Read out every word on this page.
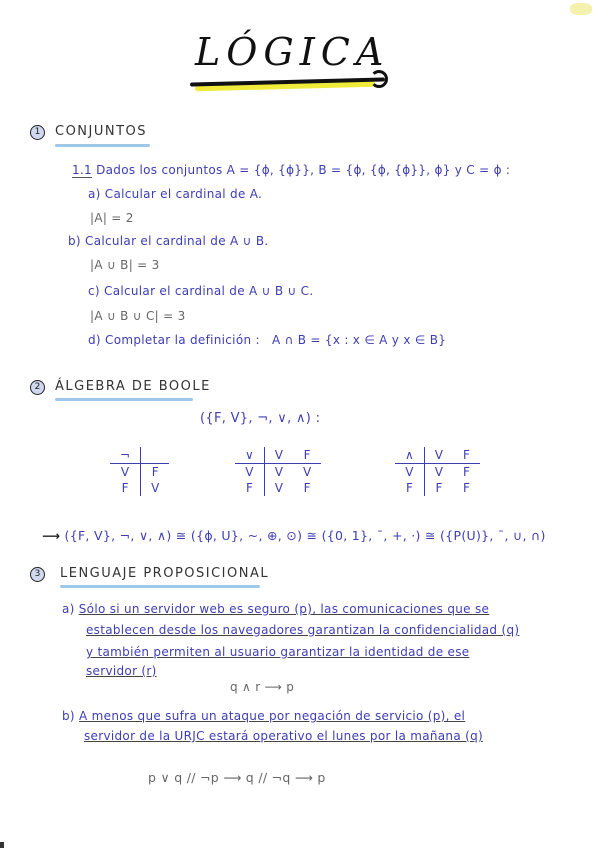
LÓGICA
1	CONJUNTOS
1.1 Dados los conjuntos A = {ϕ, {ϕ}}, B = {ϕ, {ϕ, {ϕ}}, ϕ} y C = ϕ :
a) Calcular el cardinal de A.
|A| = 2
b) Calcular el cardinal de A ∪ B.
|A ∪ B| = 3
c) Calcular el cardinal de A ∪ B ∪ C.
|A ∪ B ∪ C| = 3
d) Completar la definición : A ∩ B = {x : x ∈ A y x ∈ B}
2	ÁLGEBRA DE BOOLE
({F, V}, ¬, ∨, ∧) :
¬	
V	F
F	V
∨	V	F
V	V	V
F	V	F
∧	V	F
V	V	F
F	F	F
⟶ ({F, V}, ¬, ∨, ∧) ≅ ({ϕ, U}, ~, ⊕, ⊙) ≅ ({0, 1}, ¯, +, ·) ≅ ({P(U)}, ¯, ∪, ∩)
3	LENGUAJE PROPOSICIONAL
a) Sólo si un servidor web es seguro (p), las comunicaciones que se
establecen desde los navegadores garantizan la confidencialidad (q)
y también permiten al usuario garantizar la identidad de ese
servidor (r)
q ∧ r ⟶ p
b) A menos que sufra un ataque por negación de servicio (p), el
servidor de la URJC estará operativo el lunes por la mañana (q)
p ∨ q // ¬p ⟶ q // ¬q ⟶ p
